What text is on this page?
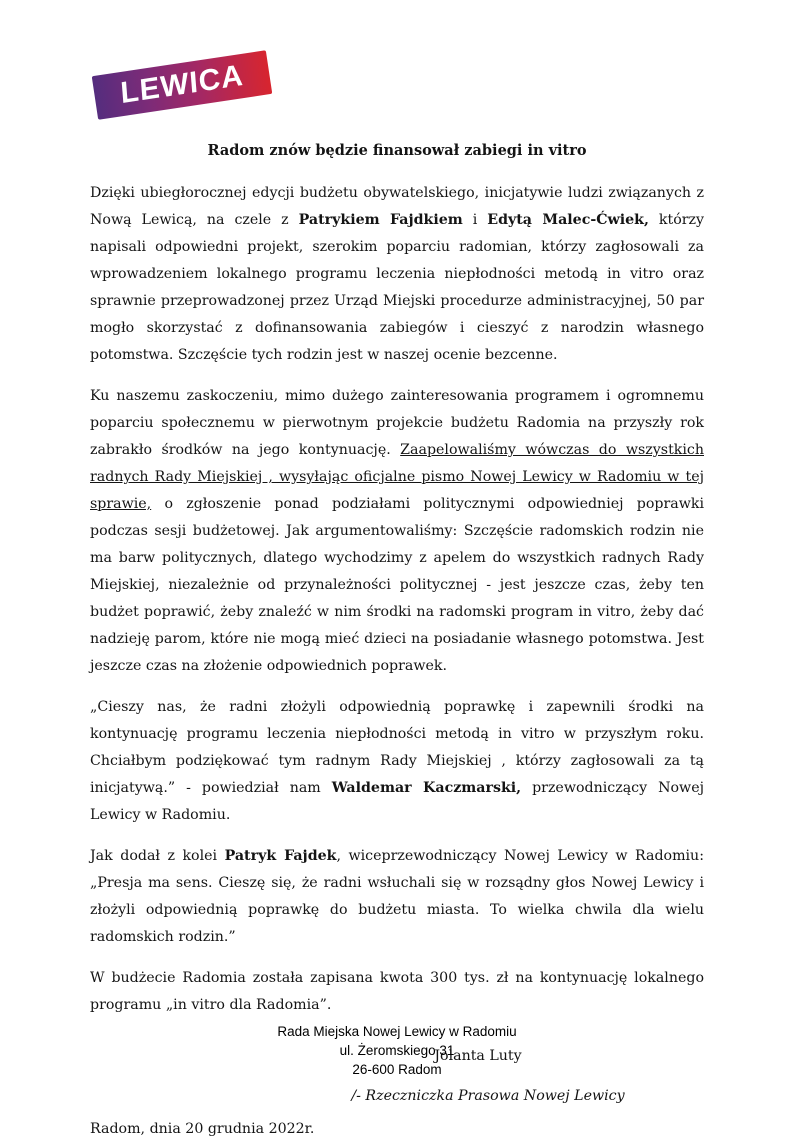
LEWICA
Radom znów będzie finansował zabiegi in vitro

Dzięki ubiegłorocznej edycji budżetu obywatelskiego, inicjatywie ludzi związanych z Nową Lewicą, na czele z Patrykiem Fajdkiem i Edytą Malec-Ćwiek, którzy napisali odpowiedni projekt, szerokim poparciu radomian, którzy zagłosowali za wprowadzeniem lokalnego programu leczenia niepłodności metodą in vitro oraz sprawnie przeprowadzonej przez Urząd Miejski procedurze administracyjnej, 50 par mogło skorzystać z dofinansowania zabiegów i cieszyć z narodzin własnego potomstwa. Szczęście tych rodzin jest w naszej ocenie bezcenne.

Ku naszemu zaskoczeniu, mimo dużego zainteresowania programem i ogromnemu poparciu społecznemu w pierwotnym projekcie budżetu Radomia na przyszły rok zabrakło środków na jego kontynuację. Zaapelowaliśmy wówczas do wszystkich radnych Rady Miejskiej , wysyłając oficjalne pismo Nowej Lewicy w Radomiu w tej sprawie, o zgłoszenie ponad podziałami politycznymi odpowiedniej poprawki podczas sesji budżetowej. Jak argumentowaliśmy: Szczęście radomskich rodzin nie ma barw politycznych, dlatego wychodzimy z apelem do wszystkich radnych Rady Miejskiej, niezależnie od przynależności politycznej - jest jeszcze czas, żeby ten budżet poprawić, żeby znaleźć w nim środki na radomski program in vitro, żeby dać nadzieję parom, które nie mogą mieć dzieci na posiadanie własnego potomstwa. Jest jeszcze czas na złożenie odpowiednich poprawek.

„Cieszy nas, że radni złożyli odpowiednią poprawkę i zapewnili środki na kontynuację programu leczenia niepłodności metodą in vitro w przyszłym roku. Chciałbym podziękować tym radnym Rady Miejskiej , którzy zagłosowali za tą inicjatywą.” - powiedział nam Waldemar Kaczmarski, przewodniczący Nowej Lewicy w Radomiu.

Jak dodał z kolei Patryk Fajdek, wiceprzewodniczący Nowej Lewicy w Radomiu: „Presja ma sens. Cieszę się, że radni wsłuchali się w rozsądny głos Nowej Lewicy i złożyli odpowiednią poprawkę do budżetu miasta. To wielka chwila dla wielu radomskich rodzin.”

W budżecie Radomia została zapisana kwota 300 tys. zł na kontynuację lokalnego programu „in vitro dla Radomia”.

Jolanta Luty
/- Rzeczniczka Prasowa Nowej Lewicy
Radom, dnia 20 grudnia 2022r.
Rada Miejska Nowej Lewicy w Radomiu
ul. Żeromskiego 31
26-600 Radom
